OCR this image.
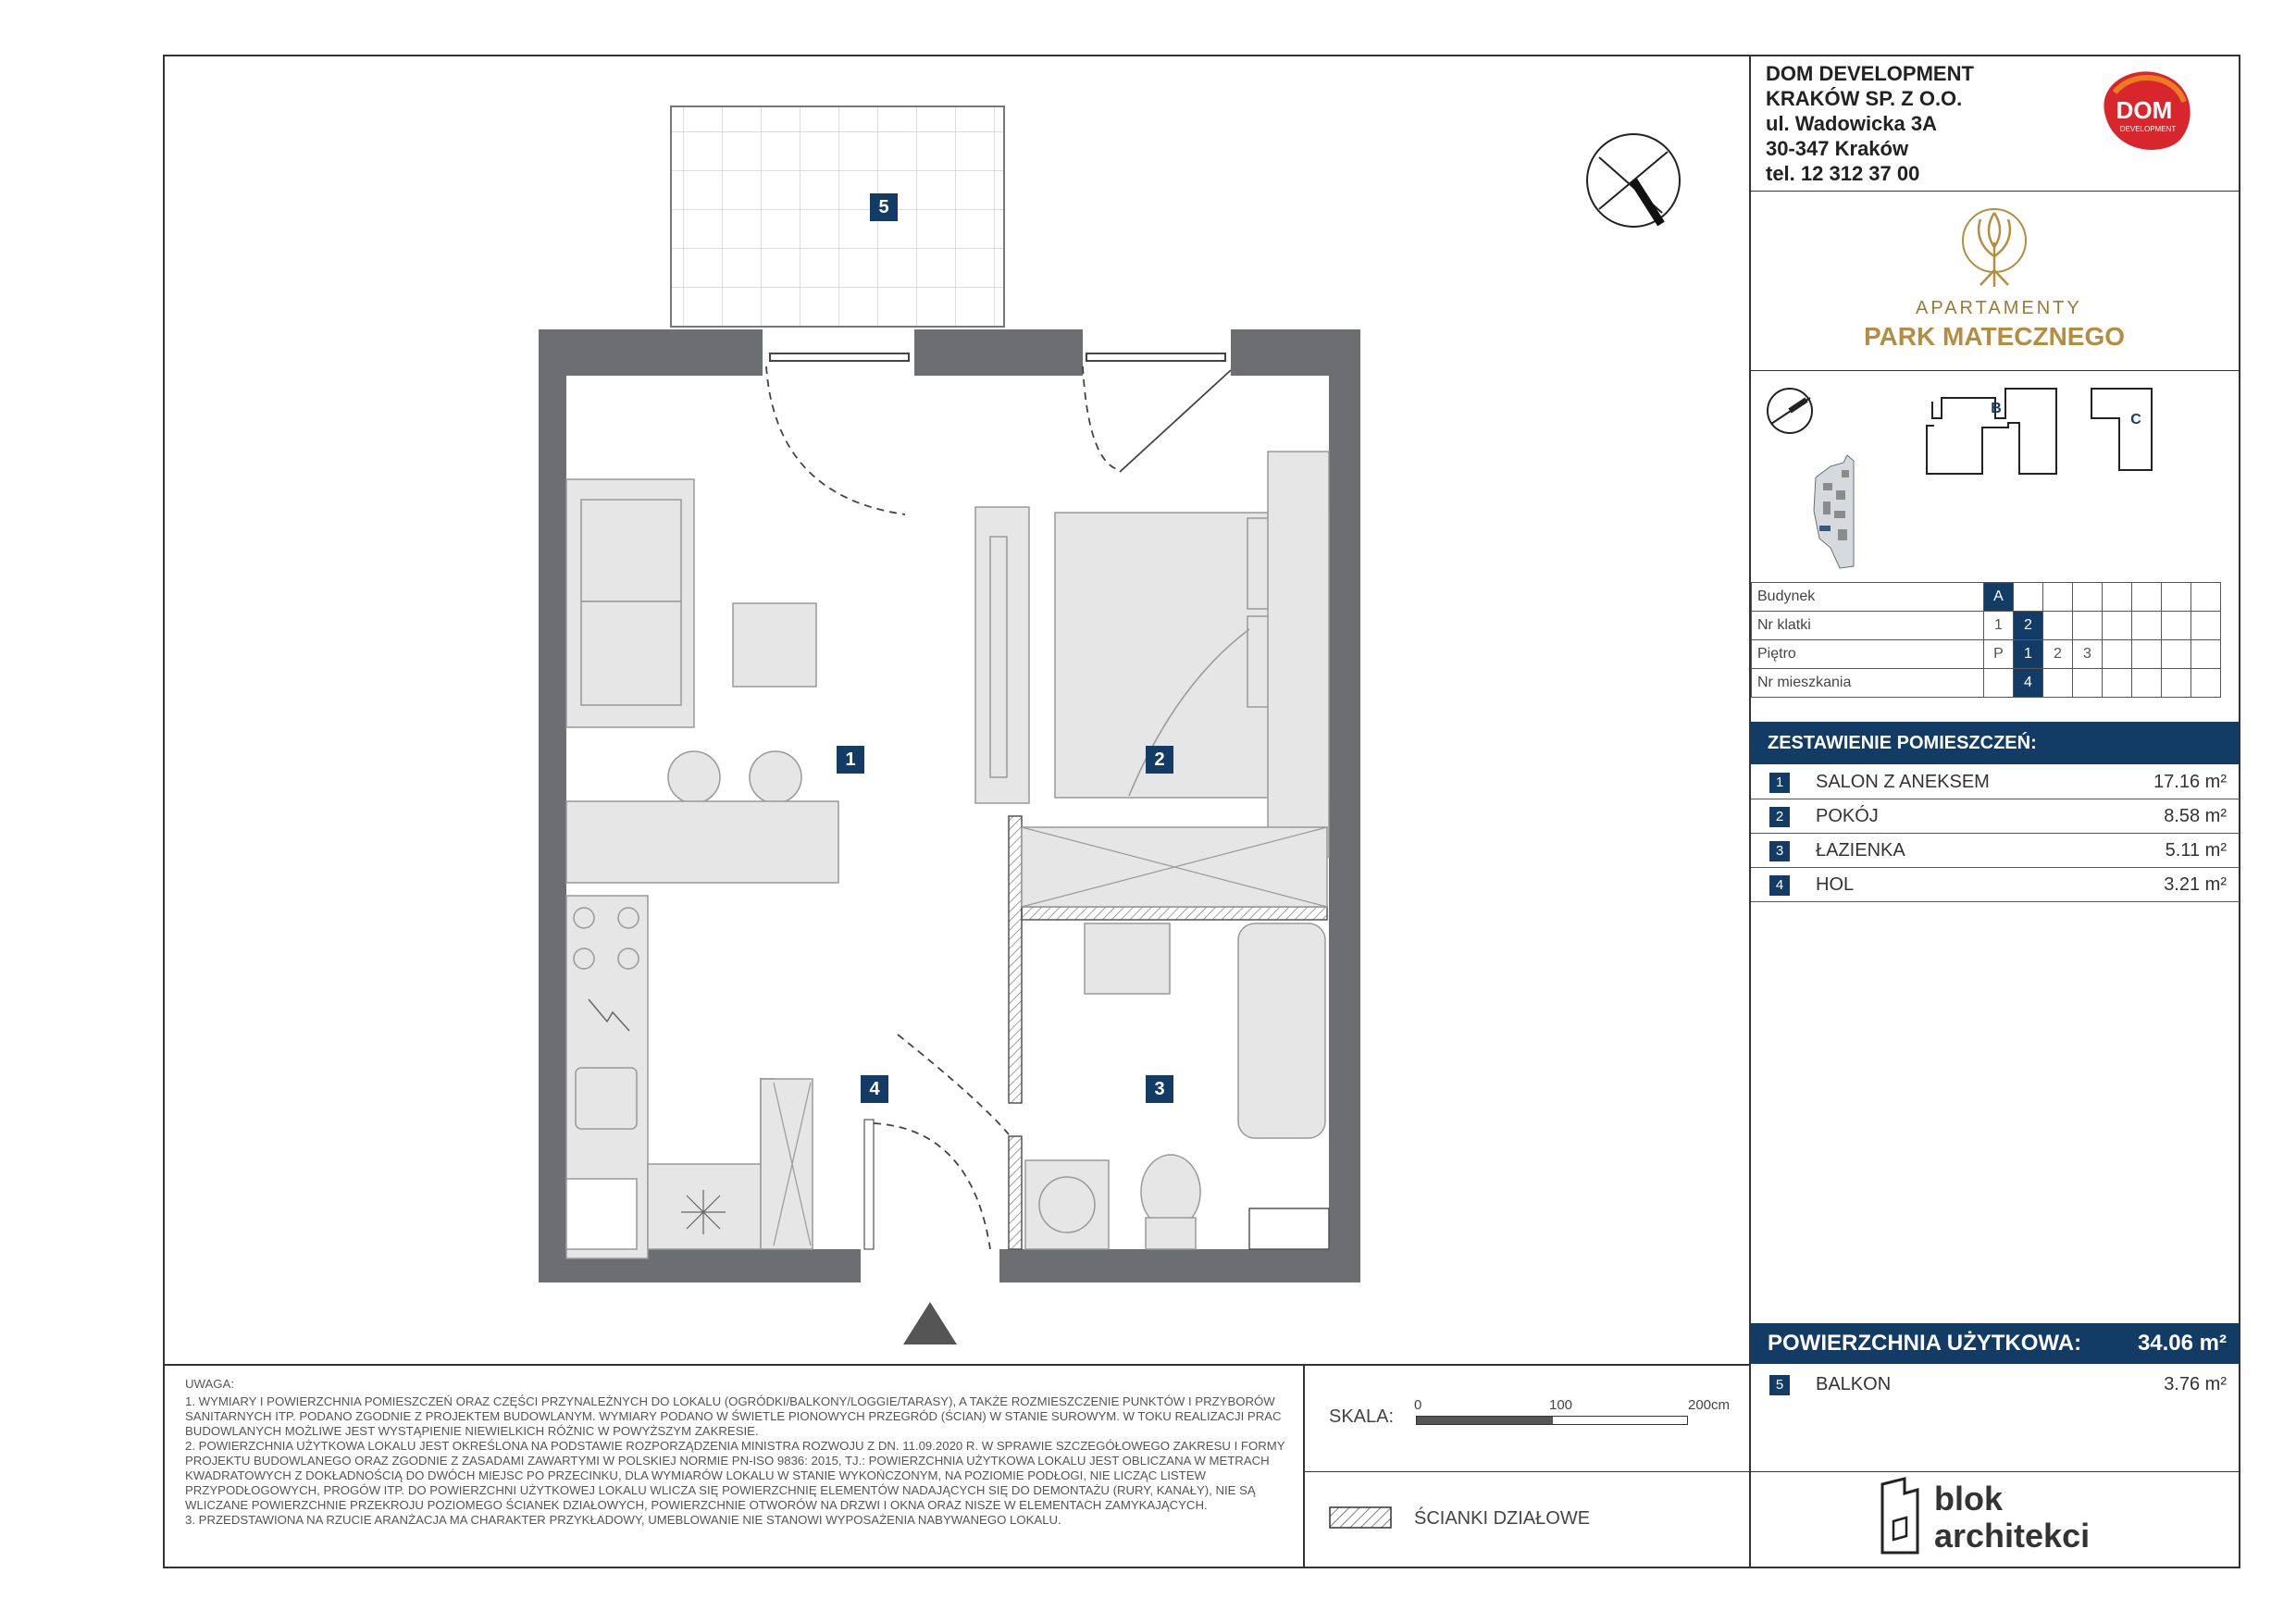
DOM DEVELOPMENT
KRAKÓW SP. Z O.O.
ul. Wadowicka 3A
30-347 Kraków
tel. 12 312 37 00
DOM
DEVELOPMENT
APARTAMENTY
PARK MATECZNEGO
B
C
Budynek	A							
Nr klatki	1	2						
Piętro	P	1	2	3				
Nr mieszkania		4						
ZESTAWIENIE POMIESZCZEŃ:
1	SALON Z ANEKSEM	17.16 m²
2	POKÓJ	8.58 m²
3	ŁAZIENKA	5.11 m²
4	HOL	3.21 m²
POWIERZCHNIA UŻYTKOWA:	34.06 m²
5	BALKON	3.76 m²
blok
architekci
UWAGA:

1. WYMIARY I POWIERZCHNIA POMIESZCZEŃ ORAZ CZĘŚCI PRZYNALEŻNYCH DO LOKALU (OGRÓDKI/BALKONY/LOGGIE/TARASY), A TAKŻE ROZMIESZCZENIE PUNKTÓW I PRZYBORÓW SANITARNYCH ITP. PODANO ZGODNIE Z PROJEKTEM BUDOWLANYM. WYMIARY PODANO W ŚWIETLE PIONOWYCH PRZEGRÓD (ŚCIAN) W STANIE SUROWYM. W TOKU REALIZACJI PRAC BUDOWLANYCH MOŻLIWE JEST WYSTĄPIENIE NIEWIELKICH RÓŻNIC W POWYŻSZYM ZAKRESIE.

2. POWIERZCHNIA UŻYTKOWA LOKALU JEST OKREŚLONA NA PODSTAWIE ROZPORZĄDZENIA MINISTRA ROZWOJU Z DN. 11.09.2020 R. W SPRAWIE SZCZEGÓŁOWEGO ZAKRESU I FORMY PROJEKTU BUDOWLANEGO ORAZ ZGODNIE Z ZASADAMI ZAWARTYMI W POLSKIEJ NORMIE PN-ISO 9836: 2015, TJ.: POWIERZCHNIA UŻYTKOWA LOKALU JEST OBLICZANA W METRACH KWADRATOWYCH Z DOKŁADNOŚCIĄ DO DWÓCH MIEJSC PO PRZECINKU, DLA WYMIARÓW LOKALU W STANIE WYKOŃCZONYM, NA POZIOMIE PODŁOGI, NIE LICZĄC LISTEW PRZYPODŁOGOWYCH, PROGÓW ITP. DO POWIERZCHNI UŻYTKOWEJ LOKALU WLICZA SIĘ POWIERZCHNIĘ ELEMENTÓW NADAJĄCYCH SIĘ DO DEMONTAŻU (RURY, KANAŁY), NIE SĄ WLICZANE POWIERZCHNIE PRZEKROJU POZIOMEGO ŚCIANEK DZIAŁOWYCH, POWIERZCHNIE OTWORÓW NA DRZWI I OKNA ORAZ NISZE W ELEMENTACH ZAMYKAJĄCYCH.

3. PRZEDSTAWIONA NA RZUCIE ARANŻACJA MA CHARAKTER PRZYKŁADOWY, UMEBLOWANIE NIE STANOWI WYPOSAŻENIA NABYWANEGO LOKALU.

SKALA:
0	100	200cm
ŚCIANKI DZIAŁOWE
5
1	2
3
4
